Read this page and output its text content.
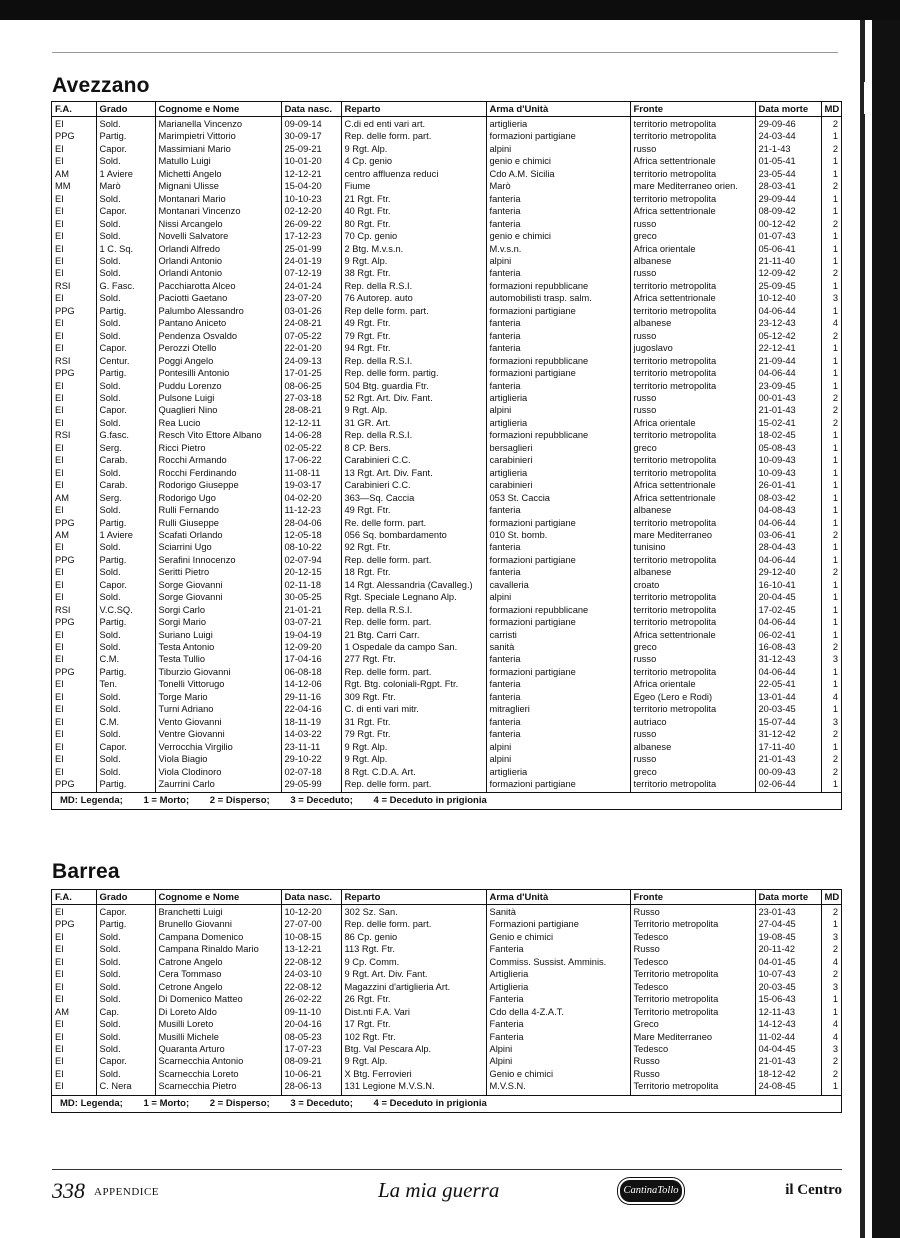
Avezzano
F.A.	Grado	Cognome e Nome	Data nasc.	Reparto	Arma d'Unità	Fronte	Data morte	MD
EI	Sold.	Marianella Vincenzo	09-09-14	C.di ed enti vari art.	artiglieria	territorio metropolita	29-09-46	2
PPG	Partig.	Marimpietri Vittorio	30-09-17	Rep. delle form. part.	formazioni partigiane	territorio metropolita	24-03-44	1
EI	Capor.	Massimiani Mario	25-09-21	9 Rgt. Alp.	alpini	russo	21-1-43	2
EI	Sold.	Matullo Luigi	10-01-20	4 Cp. genio	genio e chimici	Africa settentrionale	01-05-41	1
AM	1 Aviere	Michetti Angelo	12-12-21	centro affluenza reduci	Cdo A.M. Sicilia	territorio metropolita	23-05-44	1
MM	Marò	Mignani Ulisse	15-04-20	Fiume	Marò	mare Mediterraneo orien.	28-03-41	2
EI	Sold.	Montanari Mario	10-10-23	21 Rgt. Ftr.	fanteria	territorio metropolita	29-09-44	1
EI	Capor.	Montanari Vincenzo	02-12-20	40 Rgt. Ftr.	fanteria	Africa settentrionale	08-09-42	1
EI	Sold.	Nissi Arcangelo	26-09-22	80 Rgt. Ftr.	fanteria	russo	00-12-42	2
EI	Sold.	Novelli Salvatore	17-12-23	70 Cp. genio	genio e chimici	greco	01-07-43	1
EI	1 C. Sq.	Orlandi Alfredo	25-01-99	2 Btg. M.v.s.n.	M.v.s.n.	Africa orientale	05-06-41	1
EI	Sold.	Orlandi Antonio	24-01-19	9 Rgt. Alp.	alpini	albanese	21-11-40	1
EI	Sold.	Orlandi Antonio	07-12-19	38 Rgt. Ftr.	fanteria	russo	12-09-42	2
RSI	G. Fasc.	Pacchiarotta Alceo	24-01-24	Rep. della R.S.I.	formazioni repubblicane	territorio metropolita	25-09-45	1
EI	Sold.	Paciotti Gaetano	23-07-20	76 Autorep. auto	automobilisti trasp. salm.	Africa settentrionale	10-12-40	3
PPG	Partig.	Palumbo Alessandro	03-01-26	Rep delle form. part.	formazioni partigiane	territorio metropolita	04-06-44	1
EI	Sold.	Pantano Aniceto	24-08-21	49 Rgt. Ftr.	fanteria	albanese	23-12-43	4
EI	Sold.	Pendenza Osvaldo	07-05-22	79 Rgt. Ftr.	fanteria	russo	05-12-42	2
EI	Capor.	Perozzi Otello	22-01-20	94 Rgt. Ftr.	fanteria	jugoslavo	22-12-41	1
RSI	Centur.	Poggi Angelo	24-09-13	Rep. della R.S.I.	formazioni repubblicane	territorio metropolita	21-09-44	1
PPG	Partig.	Pontesilli Antonio	17-01-25	Rep. delle form. partig.	formazioni partigiane	territorio metropolita	04-06-44	1
EI	Sold.	Puddu Lorenzo	08-06-25	504 Btg. guardia Ftr.	fanteria	territorio metropolita	23-09-45	1
EI	Sold.	Pulsone Luigi	27-03-18	52 Rgt. Art. Div. Fant.	artiglieria	russo	00-01-43	2
EI	Capor.	Quaglieri Nino	28-08-21	9 Rgt. Alp.	alpini	russo	21-01-43	2
EI	Sold.	Rea Lucio	12-12-11	31 GR. Art.	artiglieria	Africa orientale	15-02-41	2
RSI	G.fasc.	Resch Vito Ettore Albano	14-06-28	Rep. della R.S.I.	formazioni repubblicane	territorio metropolita	18-02-45	1
EI	Serg.	Ricci Pietro	02-05-22	8 CP. Bers.	bersaglieri	greco	05-08-43	1
EI	Carab.	Rocchi Armando	17-06-22	Carabinieri C.C.	carabinieri	territorio metropolita	10-09-43	1
EI	Sold.	Rocchi Ferdinando	11-08-11	13 Rgt. Art. Div. Fant.	artiglieria	territorio metropolita	10-09-43	1
EI	Carab.	Rodorigo Giuseppe	19-03-17	Carabinieri C.C.	carabinieri	Africa settentrionale	26-01-41	1
AM	Serg.	Rodorigo Ugo	04-02-20	363—Sq. Caccia	053 St. Caccia	Africa settentrionale	08-03-42	1
EI	Sold.	Rulli Fernando	11-12-23	49 Rgt. Ftr.	fanteria	albanese	04-08-43	1
PPG	Partig.	Rulli Giuseppe	28-04-06	Re. delle form. part.	formazioni partigiane	territorio metropolita	04-06-44	1
AM	1 Aviere	Scafati Orlando	12-05-18	056 Sq. bombardamento	010 St. bomb.	mare Mediterraneo	03-06-41	2
EI	Sold.	Sciarrini Ugo	08-10-22	92 Rgt. Ftr.	fanteria	tunisino	28-04-43	1
PPG	Partig.	Serafini Innocenzo	02-07-94	Rep. delle form. part.	formazioni partigiane	territorio metropolita	04-06-44	1
EI	Sold.	Seritti Pietro	20-12-15	18 Rgt. Ftr.	fanteria	albanese	29-12-40	2
EI	Capor.	Sorge Giovanni	02-11-18	14 Rgt. Alessandria (Cavalleg.)	cavalleria	croato	16-10-41	1
EI	Sold.	Sorge Giovanni	30-05-25	Rgt. Speciale Legnano Alp.	alpini	territorio metropolita	20-04-45	1
RSI	V.C.SQ.	Sorgi Carlo	21-01-21	Rep. della R.S.I.	formazioni repubblicane	territorio metropolita	17-02-45	1
PPG	Partig.	Sorgi Mario	03-07-21	Rep. delle form. part.	formazioni partigiane	territorio metropolita	04-06-44	1
EI	Sold.	Suriano Luigi	19-04-19	21 Btg. Carri Carr.	carristi	Africa settentrionale	06-02-41	1
EI	Sold.	Testa Antonio	12-09-20	1 Ospedale da campo San.	sanità	greco	16-08-43	2
EI	C.M.	Testa Tullio	17-04-16	277 Rgt. Ftr.	fanteria	russo	31-12-43	3
PPG	Partig.	Tiburzio Giovanni	06-08-18	Rep. delle form. part.	formazioni partigiane	territorio metropolita	04-06-44	1
EI	Ten.	Tonelli Vittorugo	14-12-06	Rgt. Btg. coloniali-Rgpt. Ftr.	fanteria	Africa orientale	22-05-41	1
EI	Sold.	Torge Mario	29-11-16	309 Rgt. Ftr.	fanteria	Egeo (Lero e Rodi)	13-01-44	4
EI	Sold.	Turni Adriano	22-04-16	C. di enti vari mitr.	mitraglieri	territorio metropolita	20-03-45	1
EI	C.M.	Vento Giovanni	18-11-19	31 Rgt. Ftr.	fanteria	autriaco	15-07-44	3
EI	Sold.	Ventre Giovanni	14-03-22	79 Rgt. Ftr.	fanteria	russo	31-12-42	2
EI	Capor.	Verrocchia Virgilio	23-11-11	9 Rgt. Alp.	alpini	albanese	17-11-40	1
EI	Sold.	Viola Biagio	29-10-22	9 Rgt. Alp.	alpini	russo	21-01-43	2
EI	Sold.	Viola Clodinoro	02-07-18	8 Rgt. C.D.A. Art.	artiglieria	greco	00-09-43	2
PPG	Partig.	Zaurrini Carlo	29-05-99	Rep. delle form. part.	formazioni partigiane	territorio metropolita	02-06-44	1
MD: Legenda; 1 = Morto; 2 = Disperso; 3 = Deceduto; 4 = Deceduto in prigionia
Barrea
F.A.	Grado	Cognome e Nome	Data nasc.	Reparto	Arma d'Unità	Fronte	Data morte	MD
EI	Capor.	Branchetti Luigi	10-12-20	302 Sz. San.	Sanità	Russo	23-01-43	2
PPG	Partig.	Brunello Giovanni	27-07-00	Rep. delle form. part.	Formazioni partigiane	Territorio metropolita	27-04-45	1
EI	Sold.	Campana Domenico	10-08-15	86 Cp. genio	Genio e chimici	Tedesco	19-08-45	3
EI	Sold.	Campana Rinaldo Mario	13-12-21	113 Rgt. Ftr.	Fanteria	Russo	20-11-42	2
EI	Sold.	Catrone Angelo	22-08-12	9 Cp. Comm.	Commiss. Sussist. Amminis.	Tedesco	04-01-45	4
EI	Sold.	Cera Tommaso	24-03-10	9 Rgt. Art. Div. Fant.	Artiglieria	Territorio metropolita	10-07-43	2
EI	Sold.	Cetrone Angelo	22-08-12	Magazzini d'artiglieria Art.	Artiglieria	Tedesco	20-03-45	3
EI	Sold.	Di Domenico Matteo	26-02-22	26 Rgt. Ftr.	Fanteria	Territorio metropolita	15-06-43	1
AM	Cap.	Di Loreto Aldo	09-11-10	Dist.nti F.A. Vari	Cdo della 4-Z.A.T.	Territorio metropolita	12-11-43	1
EI	Sold.	Musilli Loreto	20-04-16	17 Rgt. Ftr.	Fanteria	Greco	14-12-43	4
EI	Sold.	Musilli Michele	08-05-23	102 Rgt. Ftr.	Fanteria	Mare Mediterraneo	11-02-44	4
EI	Sold.	Quaranta Arturo	17-07-23	Btg. Val Pescara Alp.	Alpini	Tedesco	04-04-45	3
EI	Capor.	Scarnecchia Antonio	08-09-21	9 Rgt. Alp.	Alpini	Russo	21-01-43	2
EI	Sold.	Scarnecchia Loreto	10-06-21	X Btg. Ferrovieri	Genio e chimici	Russo	18-12-42	2
EI	C. Nera	Scarnecchia Pietro	28-06-13	131 Legione M.V.S.N.	M.V.S.N.	Territorio metropolita	24-08-45	1
MD: Legenda; 1 = Morto; 2 = Disperso; 3 = Deceduto; 4 = Deceduto in prigionia
338 APPENDICE	La mia guerra	CantinaTollo	il Centro
